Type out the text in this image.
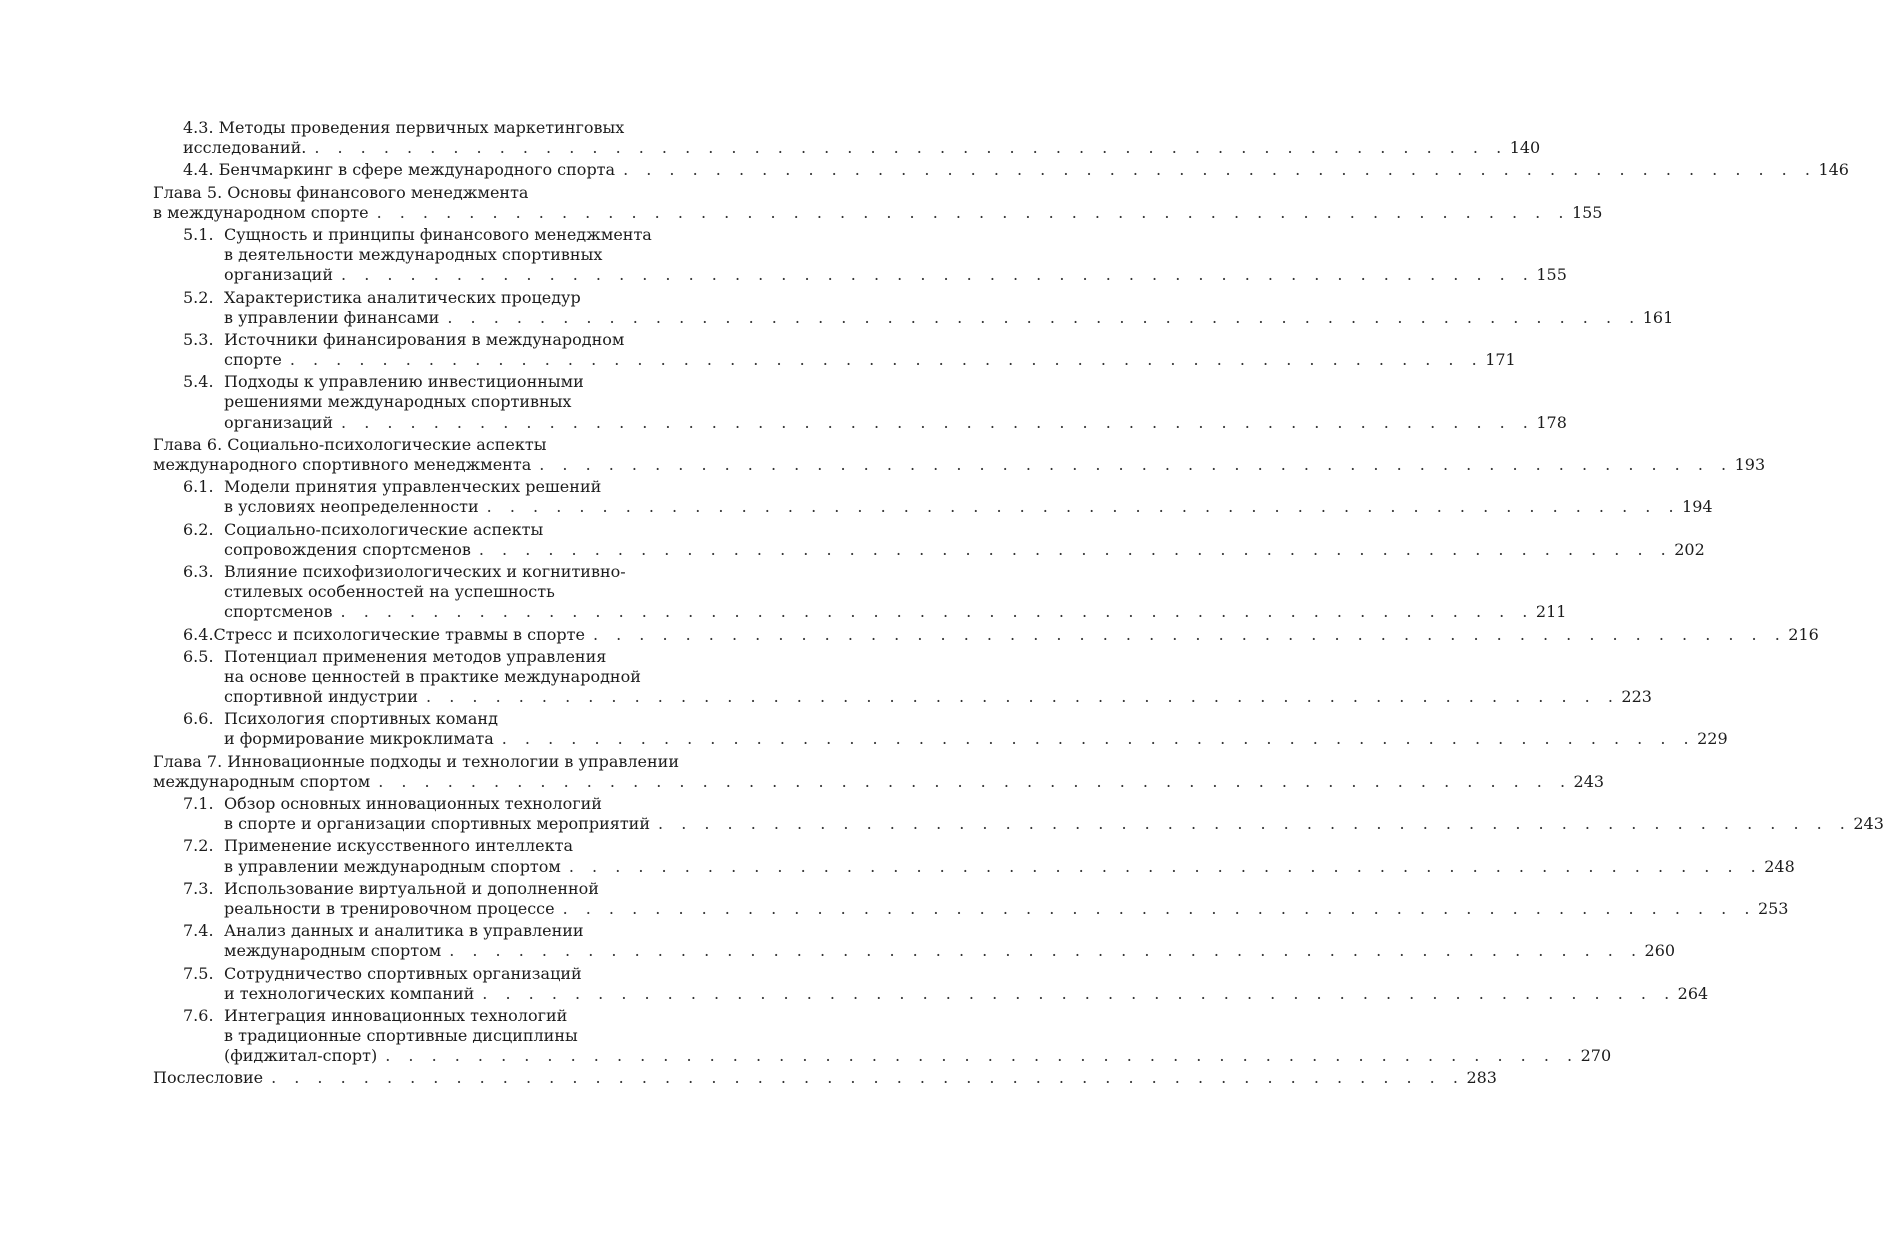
4.3. Методы проведения первичных маркетинговых
исследований. . . . . . . . . . . . . . . . . . . . . . . . . . . . . . . . . . . . . . . . . . . . . . . . . . . . . 140
4.4. Бенчмаркинг в сфере международного спорта . . . . . . . . . . . . . . . . . . . . . . . . . . . . . . . . . . . . . . . . . . . . . . . . . . . . 146
Глава 5. Основы финансового менеджмента
в международном спорте . . . . . . . . . . . . . . . . . . . . . . . . . . . . . . . . . . . . . . . . . . . . . . . . . . . . 155
5.1. Сущность и принципы финансового менеджмента
в деятельности международных спортивных
организаций . . . . . . . . . . . . . . . . . . . . . . . . . . . . . . . . . . . . . . . . . . . . . . . . . . . . 155
5.2. Характеристика аналитических процедур
в управлении финансами . . . . . . . . . . . . . . . . . . . . . . . . . . . . . . . . . . . . . . . . . . . . . . . . . . . . 161
5.3. Источники финансирования в международном
спорте . . . . . . . . . . . . . . . . . . . . . . . . . . . . . . . . . . . . . . . . . . . . . . . . . . . . 171
5.4. Подходы к управлению инвестиционными
решениями международных спортивных
организаций . . . . . . . . . . . . . . . . . . . . . . . . . . . . . . . . . . . . . . . . . . . . . . . . . . . . 178
Глава 6. Социально-психологические аспекты
международного спортивного менеджмента . . . . . . . . . . . . . . . . . . . . . . . . . . . . . . . . . . . . . . . . . . . . . . . . . . . . 193
6.1. Модели принятия управленческих решений
в условиях неопределенности . . . . . . . . . . . . . . . . . . . . . . . . . . . . . . . . . . . . . . . . . . . . . . . . . . . . 194
6.2. Социально-психологические аспекты
сопровождения спортсменов . . . . . . . . . . . . . . . . . . . . . . . . . . . . . . . . . . . . . . . . . . . . . . . . . . . . 202
6.3. Влияние психофизиологических и когнитивно-
стилевых особенностей на успешность
спортсменов . . . . . . . . . . . . . . . . . . . . . . . . . . . . . . . . . . . . . . . . . . . . . . . . . . . . 211
6.4. Стресс и психологические травмы в спорте . . . . . . . . . . . . . . . . . . . . . . . . . . . . . . . . . . . . . . . . . . . . . . . . . . . . 216
6.5. Потенциал применения методов управления
на основе ценностей в практике международной
спортивной индустрии . . . . . . . . . . . . . . . . . . . . . . . . . . . . . . . . . . . . . . . . . . . . . . . . . . . . 223
6.6. Психология спортивных команд
и формирование микроклимата . . . . . . . . . . . . . . . . . . . . . . . . . . . . . . . . . . . . . . . . . . . . . . . . . . . . 229
Глава 7. Инновационные подходы и технологии в управлении
международным спортом . . . . . . . . . . . . . . . . . . . . . . . . . . . . . . . . . . . . . . . . . . . . . . . . . . . . 243
7.1. Обзор основных инновационных технологий
в спорте и организации спортивных мероприятий . . . . . . . . . . . . . . . . . . . . . . . . . . . . . . . . . . . . . . . . . . . . . . . . . . . . 243
7.2. Применение искусственного интеллекта
в управлении международным спортом . . . . . . . . . . . . . . . . . . . . . . . . . . . . . . . . . . . . . . . . . . . . . . . . . . . . 248
7.3. Использование виртуальной и дополненной
реальности в тренировочном процессе . . . . . . . . . . . . . . . . . . . . . . . . . . . . . . . . . . . . . . . . . . . . . . . . . . . . 253
7.4. Анализ данных и аналитика в управлении
международным спортом . . . . . . . . . . . . . . . . . . . . . . . . . . . . . . . . . . . . . . . . . . . . . . . . . . . . 260
7.5. Сотрудничество спортивных организаций
и технологических компаний . . . . . . . . . . . . . . . . . . . . . . . . . . . . . . . . . . . . . . . . . . . . . . . . . . . . 264
7.6. Интеграция инновационных технологий
в традиционные спортивные дисциплины
(фиджитал-спорт) . . . . . . . . . . . . . . . . . . . . . . . . . . . . . . . . . . . . . . . . . . . . . . . . . . . . 270
Послесловие . . . . . . . . . . . . . . . . . . . . . . . . . . . . . . . . . . . . . . . . . . . . . . . . . . . . 283
